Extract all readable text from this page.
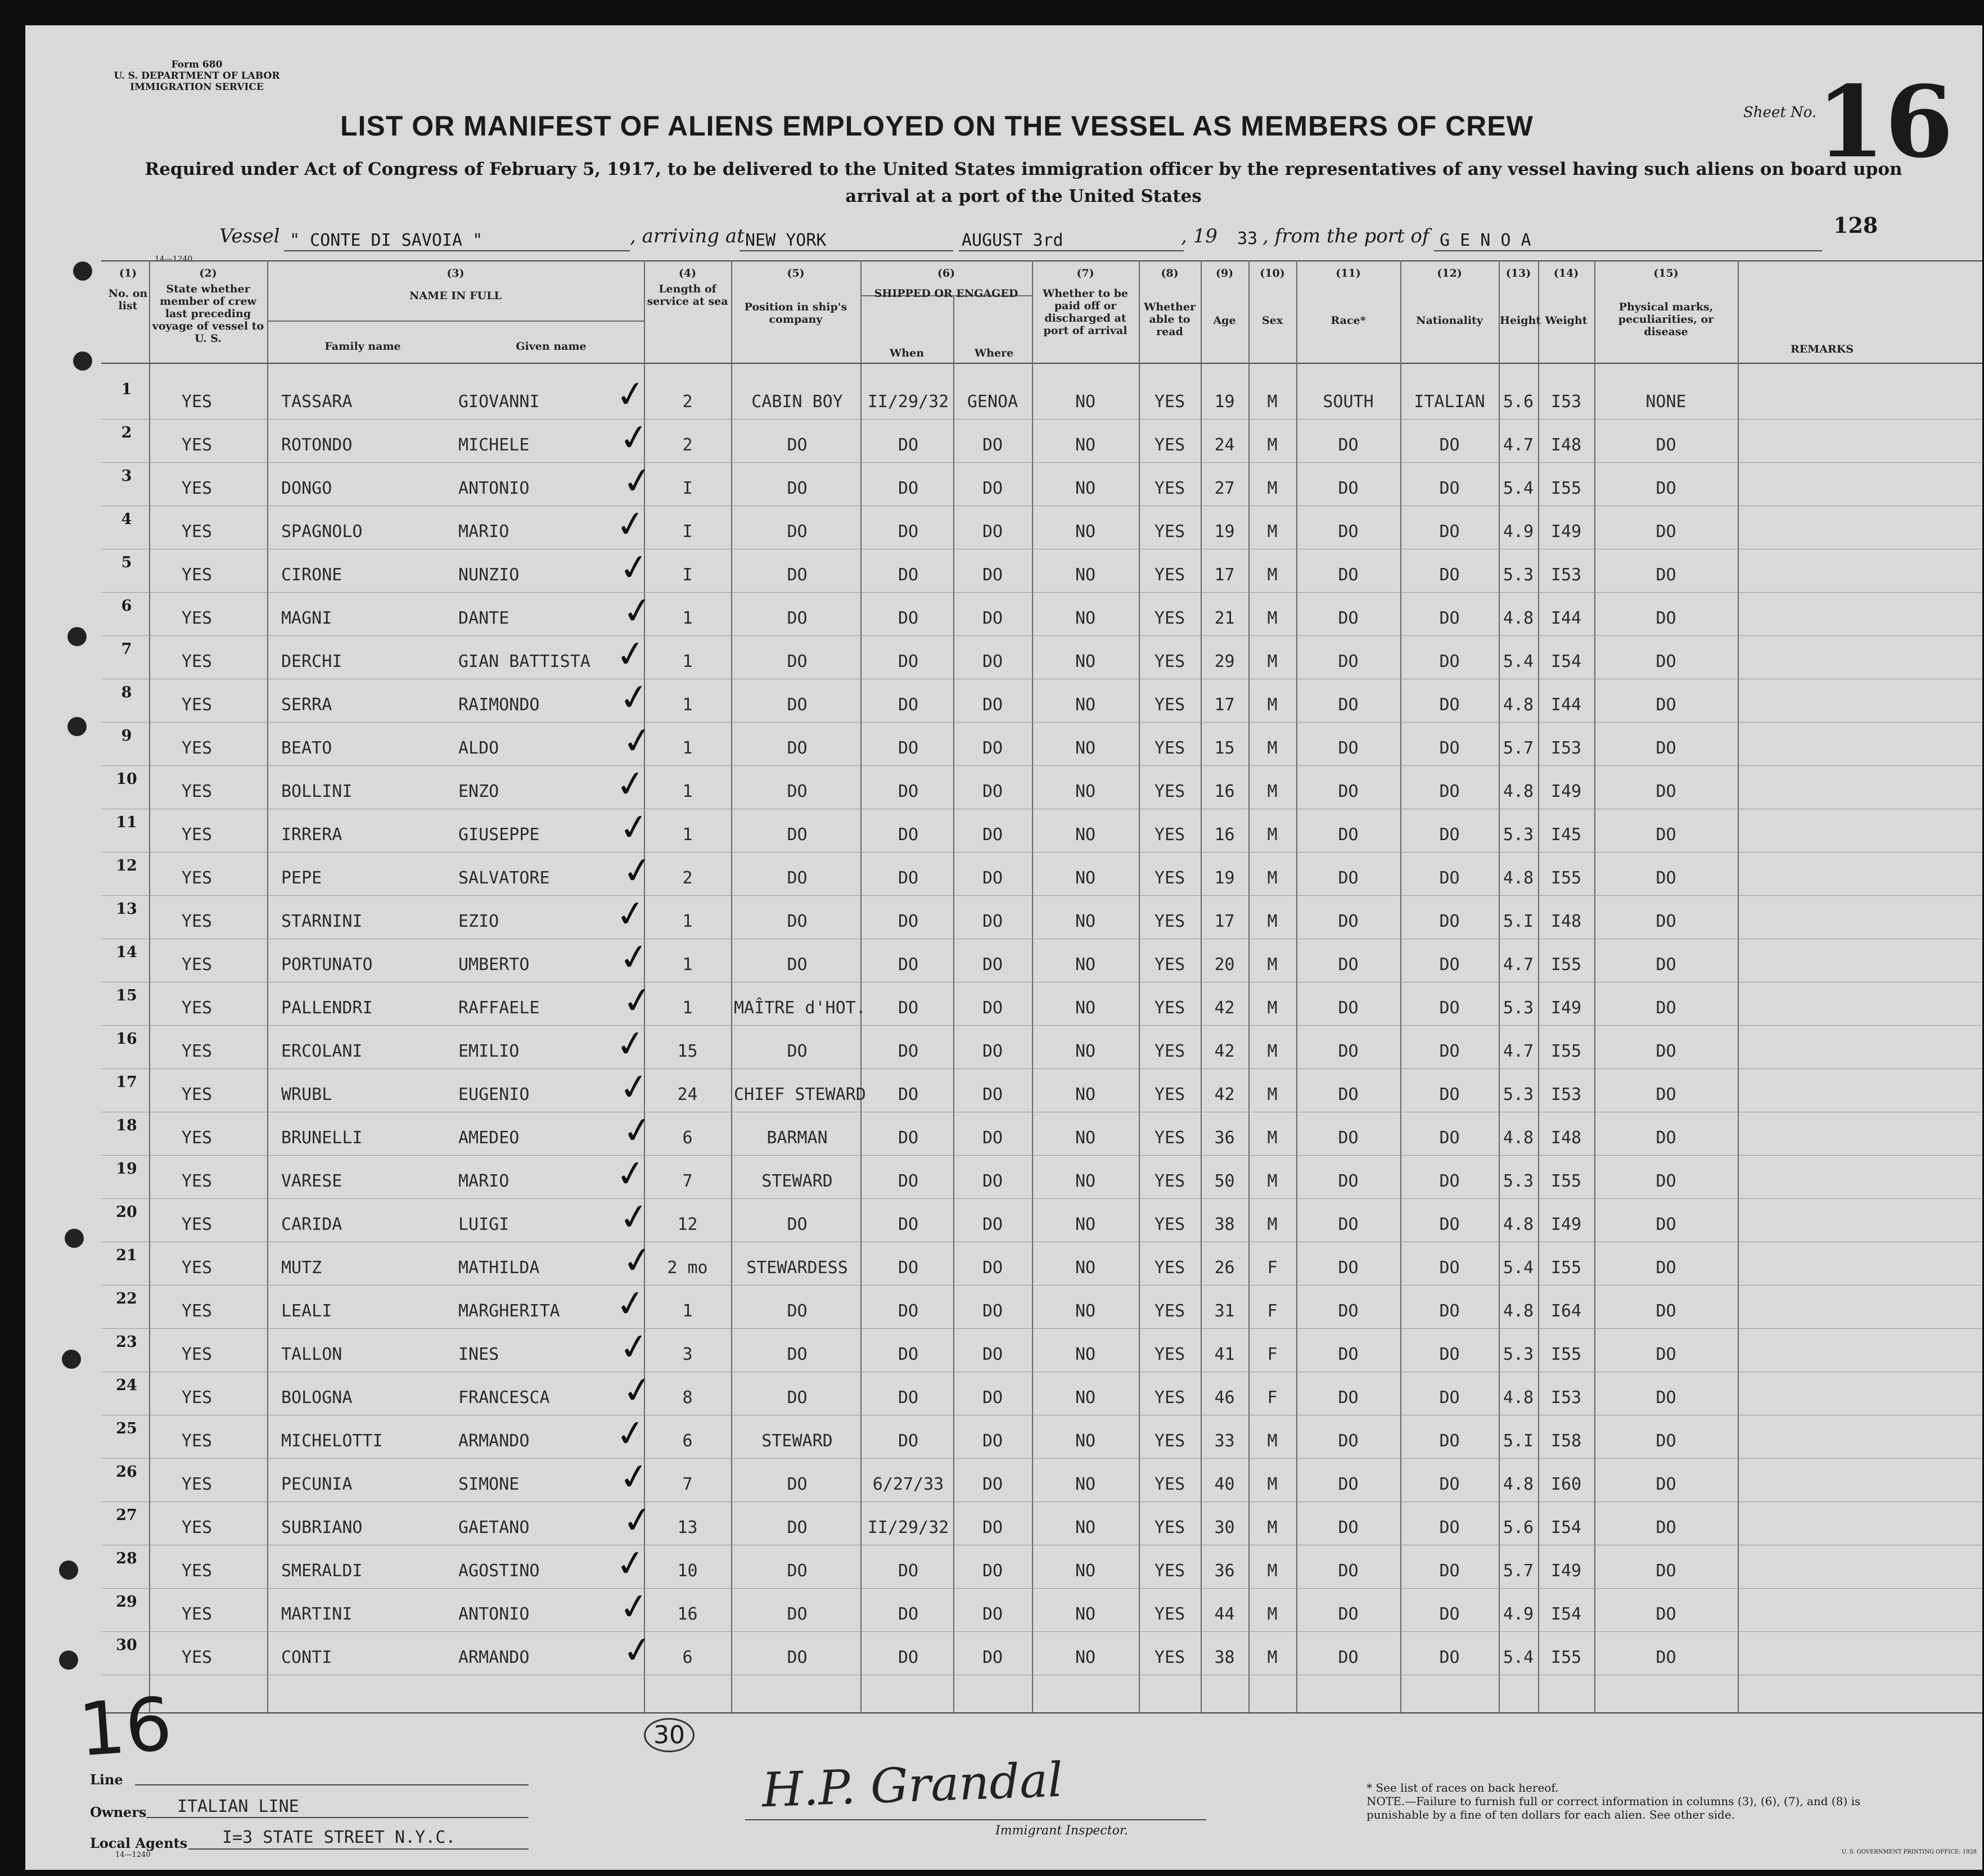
Form 680
U. S. DEPARTMENT OF LABOR
IMMIGRATION SERVICE
LIST OR MANIFEST OF ALIENS EMPLOYED ON THE VESSEL AS MEMBERS OF CREW	Sheet No. 16
Required under Act of Congress of February 5, 1917, to be delivered to the United States immigration officer by the representatives of any vessel having such aliens on board upon arrival at a port of the United States
128
Vessel " CONTE DI SAVOIA "	, arriving at NEW YORK	AUGUST 3rd	, 19 33 , from the port of G E N O A
14—1240
(1)
No. on list
(2)
State whether member of crew last preceding voyage of vessel to U. S.
(3)
NAME IN FULL
Family name	Given name
(4)
Length of service at sea
(5)
Position in ship's company
(6)
SHIPPED OR ENGAGED
When	Where
(7)
Whether to be paid off or discharged at port of arrival
(8)
Whether able to read
(9)
Age
(10)
Sex
(11)
Race*
(12)
Nationality
(13)
Height
(14)
Weight
(15)
Physical marks, peculiarities, or disease
REMARKS
1
YES	TASSARA	GIOVANNI	2	CABIN BOY	II/29/32	GENOA	NO	YES	19	M	SOUTH	ITALIAN	5.6	I53	NONE
✓
2
YES	ROTONDO	MICHELE	2	DO	DO	DO	NO	YES	24	M	DO	DO	4.7	I48	DO
✓
3
YES	DONGO	ANTONIO	I	DO	DO	DO	NO	YES	27	M	DO	DO	5.4	I55	DO
✓
4
YES	SPAGNOLO	MARIO	I	DO	DO	DO	NO	YES	19	M	DO	DO	4.9	I49	DO
✓
5
YES	CIRONE	NUNZIO	I	DO	DO	DO	NO	YES	17	M	DO	DO	5.3	I53	DO
✓
6
YES	MAGNI	DANTE	1	DO	DO	DO	NO	YES	21	M	DO	DO	4.8	I44	DO
✓
7
YES	DERCHI	GIAN BATTISTA	1	DO	DO	DO	NO	YES	29	M	DO	DO	5.4	I54	DO
✓
8
YES	SERRA	RAIMONDO	1	DO	DO	DO	NO	YES	17	M	DO	DO	4.8	I44	DO
✓
9
YES	BEATO	ALDO	1	DO	DO	DO	NO	YES	15	M	DO	DO	5.7	I53	DO
✓
10
YES	BOLLINI	ENZO	1	DO	DO	DO	NO	YES	16	M	DO	DO	4.8	I49	DO
✓
11
YES	IRRERA	GIUSEPPE	1	DO	DO	DO	NO	YES	16	M	DO	DO	5.3	I45	DO
✓
12
YES	PEPE	SALVATORE	2	DO	DO	DO	NO	YES	19	M	DO	DO	4.8	I55	DO
✓
13
YES	STARNINI	EZIO	1	DO	DO	DO	NO	YES	17	M	DO	DO	5.I	I48	DO
✓
14
YES	PORTUNATO	UMBERTO	1	DO	DO	DO	NO	YES	20	M	DO	DO	4.7	I55	DO
✓
15
YES	PALLENDRI	RAFFAELE	1	MAÎTRE d'HOT.	DO	DO	NO	YES	42	M	DO	DO	5.3	I49	DO
✓
16
YES	ERCOLANI	EMILIO	15	DO	DO	DO	NO	YES	42	M	DO	DO	4.7	I55	DO
✓
17
YES	WRUBL	EUGENIO	24	CHIEF STEWARD	DO	DO	NO	YES	42	M	DO	DO	5.3	I53	DO
✓
18
YES	BRUNELLI	AMEDEO	6	BARMAN	DO	DO	NO	YES	36	M	DO	DO	4.8	I48	DO
✓
19
YES	VARESE	MARIO	7	STEWARD	DO	DO	NO	YES	50	M	DO	DO	5.3	I55	DO
✓
20
YES	CARIDA	LUIGI	12	DO	DO	DO	NO	YES	38	M	DO	DO	4.8	I49	DO
✓
21
YES	MUTZ	MATHILDA	2 mo	STEWARDESS	DO	DO	NO	YES	26	F	DO	DO	5.4	I55	DO
✓
22
YES	LEALI	MARGHERITA	1	DO	DO	DO	NO	YES	31	F	DO	DO	4.8	I64	DO
✓
23
YES	TALLON	INES	3	DO	DO	DO	NO	YES	41	F	DO	DO	5.3	I55	DO
✓
24
YES	BOLOGNA	FRANCESCA	8	DO	DO	DO	NO	YES	46	F	DO	DO	4.8	I53	DO
✓
25
YES	MICHELOTTI	ARMANDO	6	STEWARD	DO	DO	NO	YES	33	M	DO	DO	5.I	I58	DO
✓
26
YES	PECUNIA	SIMONE	7	DO	6/27/33	DO	NO	YES	40	M	DO	DO	4.8	I60	DO
✓
27
YES	SUBRIANO	GAETANO	13	DO	II/29/32	DO	NO	YES	30	M	DO	DO	5.6	I54	DO
✓
28
YES	SMERALDI	AGOSTINO	10	DO	DO	DO	NO	YES	36	M	DO	DO	5.7	I49	DO
✓
29
YES	MARTINI	ANTONIO	16	DO	DO	DO	NO	YES	44	M	DO	DO	4.9	I54	DO
✓
30
YES	CONTI	ARMANDO	6	DO	DO	DO	NO	YES	38	M	DO	DO	5.4	I55	DO
✓
16	30
Line
Owners ITALIAN LINE
Local Agents I=3 STATE STREET N.Y.C.
14—1240
H.P. Grandal
Immigrant Inspector.
* See list of races on back hereof.
NOTE.—Failure to furnish full or correct information in columns (3), (6), (7), and (8) is punishable by a fine of ten dollars for each alien. See other side.
U. S. GOVERNMENT PRINTING OFFICE: 1928
